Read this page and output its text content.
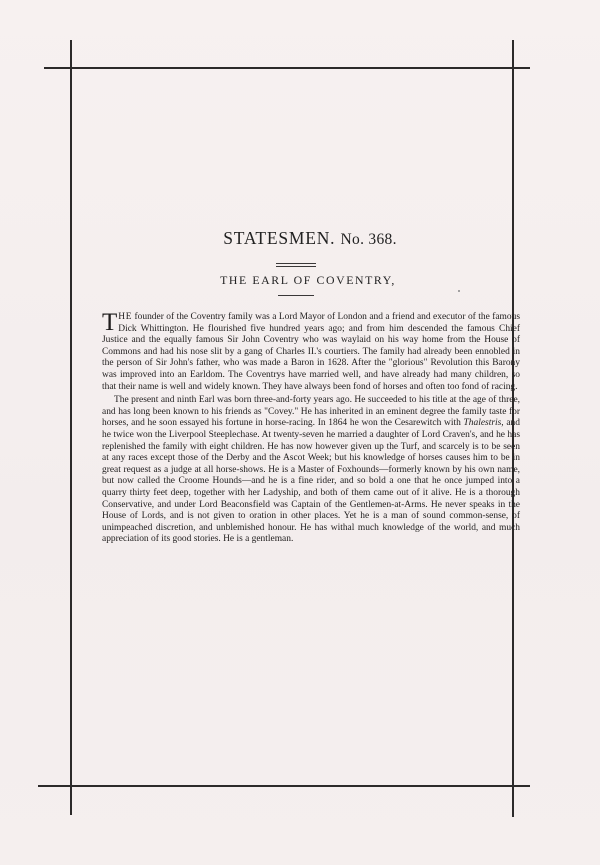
STATESMEN. No. 368.
THE EARL OF COVENTRY,

THE founder of the Coventry family was a Lord Mayor of London and a friend and executor of the famous Dick Whittington. He flourished five hundred years ago; and from him descended the famous Chief Justice and the equally famous Sir John Coventry who was waylaid on his way home from the House of Commons and had his nose slit by a gang of Charles II.'s courtiers. The family had already been ennobled in the person of Sir John's father, who was made a Baron in 1628. After the "glorious" Revolution this Barony was improved into an Earldom. The Coventrys have married well, and have already had many children, so that their name is well and widely known. They have always been fond of horses and often too fond of racing.

The present and ninth Earl was born three-and-forty years ago. He succeeded to his title at the age of three, and has long been known to his friends as "Covey." He has inherited in an eminent degree the family taste for horses, and he soon essayed his fortune in horse-racing. In 1864 he won the Cesarewitch with Thalestris, and he twice won the Liverpool Steeplechase. At twenty-seven he married a daughter of Lord Craven's, and he has replenished the family with eight children. He has now however given up the Turf, and scarcely is to be seen at any races except those of the Derby and the Ascot Week; but his knowledge of horses causes him to be in great request as a judge at all horse-shows. He is a Master of Foxhounds—formerly known by his own name, but now called the Croome Hounds—and he is a fine rider, and so bold a one that he once jumped into a quarry thirty feet deep, together with her Ladyship, and both of them came out of it alive. He is a thorough Conservative, and under Lord Beaconsfield was Captain of the Gentlemen-at-Arms. He never speaks in the House of Lords, and is not given to oration in other places. Yet he is a man of sound common-sense, of unimpeached discretion, and unblemished honour. He has withal much knowledge of the world, and much appreciation of its good stories. He is a gentleman.
